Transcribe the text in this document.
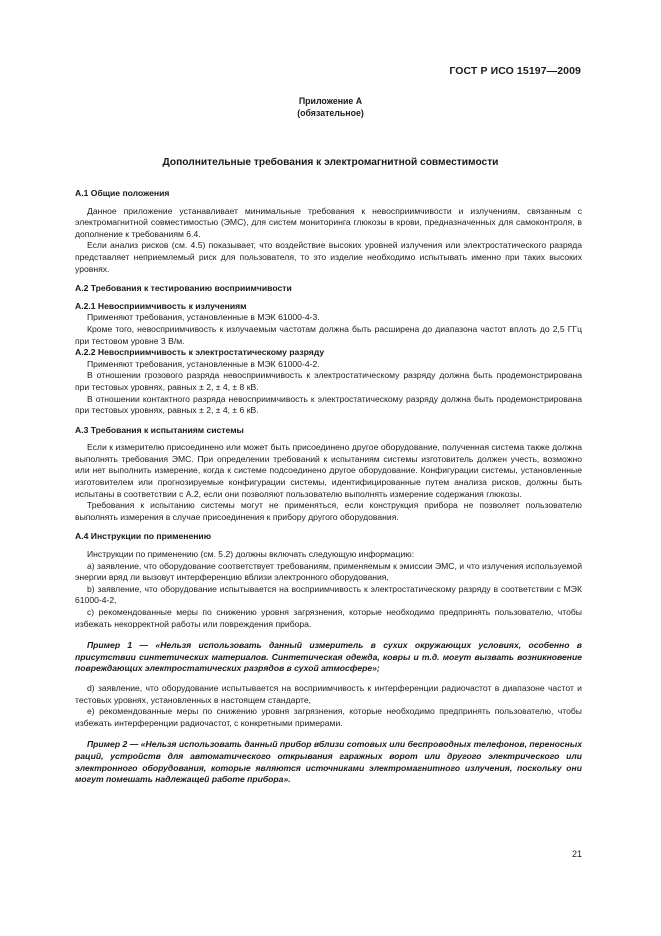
ГОСТ Р ИСО 15197—2009
Приложение А
(обязательное)
Дополнительные требования к электромагнитной совместимости

А.1 Общие положения

Данное приложение устанавливает минимальные требования к невосприимчивости и излучениям, связанным с электромагнитной совместимостью (ЭМС), для систем мониторинга глюкозы в крови, предназначенных для самоконтроля, в дополнение к требованиям 6.4.

Если анализ рисков (см. 4.5) показывает, что воздействие высоких уровней излучения или электростатического разряда представляет неприемлемый риск для пользователя, то это изделие необходимо испытывать именно при таких высоких уровнях.

А.2 Требования к тестированию восприимчивости

А.2.1 Невосприимчивость к излучениям

Применяют требования, установленные в МЭК 61000-4-3.

Кроме того, невосприимчивость к излучаемым частотам должна быть расширена до диапазона частот вплоть до 2,5 ГГц при тестовом уровне 3 В/м.

А.2.2 Невосприимчивость к электростатическому разряду

Применяют требования, установленные в МЭК 61000-4-2.

В отношении грозового разряда невосприимчивость к электростатическому разряду должна быть продемонстрирована при тестовых уровнях, равных ± 2, ± 4, ± 8 кВ.

В отношении контактного разряда невосприимчивость к электростатическому разряду должна быть продемонстрирована при тестовых уровнях, равных ± 2, ± 4, ± 6 кВ.

А.3 Требования к испытаниям системы

Если к измерителю присоединено или может быть присоединено другое оборудование, полученная система также должна выполнять требования ЭМС. При определении требований к испытаниям системы изготовитель должен учесть, возможно или нет выполнить измерение, когда к системе подсоединено другое оборудование. Конфигурации системы, установленные изготовителем или прогнозируемые конфигурации системы, идентифицированные путем анализа рисков, должны быть испытаны в соответствии с А.2, если они позволяют пользователю выполнять измерение содержания глюкозы.

Требования к испытанию системы могут не применяться, если конструкция прибора не позволяет пользователю выполнять измерения в случае присоединения к прибору другого оборудования.

А.4 Инструкции по применению

Инструкции по применению (см. 5.2) должны включать следующую информацию:

a) заявление, что оборудование соответствует требованиям, применяемым к эмиссии ЭМС, и что излучения используемой энергии вряд ли вызовут интерференцию вблизи электронного оборудования,

b) заявление, что оборудование испытывается на восприимчивость к электростатическому разряду в соответствии с МЭК 61000-4-2,

c) рекомендованные меры по снижению уровня загрязнения, которые необходимо предпринять пользователю, чтобы избежать некорректной работы или повреждения прибора.

Пример 1 — «Нельзя использовать данный измеритель в сухих окружающих условиях, особенно в присутствии синтетических материалов. Синтетическая одежда, ковры и т.д. могут вызвать возникновение повреждающих электростатических разрядов в сухой атмосфере»;

d) заявление, что оборудование испытывается на восприимчивость к интерференции радиочастот в диапазоне частот и тестовых уровнях, установленных в настоящем стандарте,

e) рекомендованные меры по снижению уровня загрязнения, которые необходимо предпринять пользователю, чтобы избежать интерференции радиочастот, с конкретными примерами.

Пример 2 — «Нельзя использовать данный прибор вблизи сотовых или беспроводных телефонов, переносных раций, устройств для автоматического открывания гаражных ворот или другого электрического или электронного оборудования, которые являются источниками электромагнитного излучения, поскольку они могут помешать надлежащей работе прибора».

21
